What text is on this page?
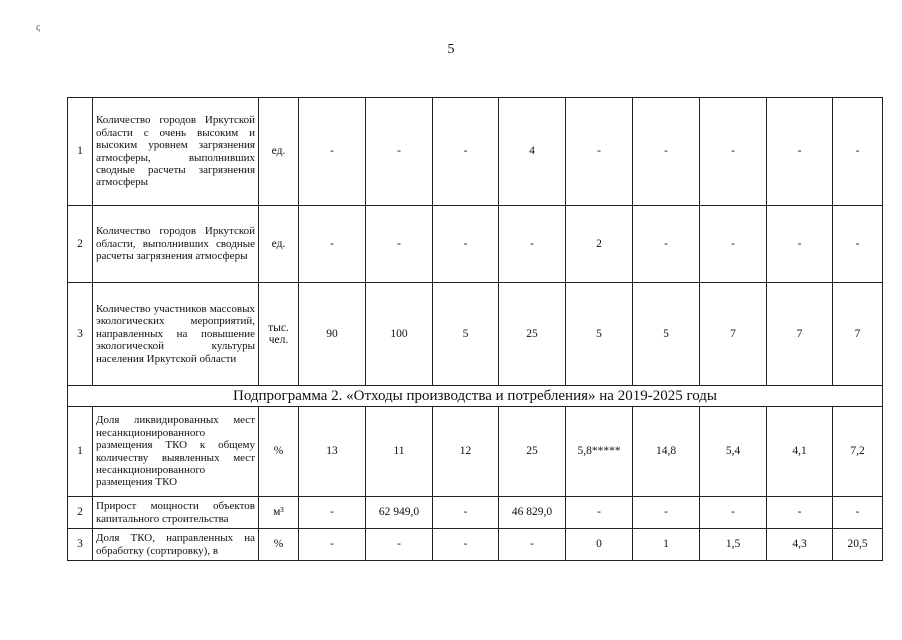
ς
5
1	Количество городов Иркутской области с очень высоким и высоким уровнем загрязнения атмосферы, выполнивших сводные расчеты загрязнения атмосферы	ед.	-	-	-	4	-	-	-	-	-
2	Количество городов Иркутской области, выполнивших сводные расчеты загрязнения атмосферы	ед.	-	-	-	-	2	-	-	-	-
3	Количество участников массовых экологических мероприятий, направленных на повышение экологической культуры населения Иркутской области	тыс. чел.	90	100	5	25	5	5	7	7	7
Подпрограмма 2. «Отходы производства и потребления» на 2019-2025 годы											
1	Доля ликвидированных мест несанкционированного размещения ТКО к общему количеству выявленных мест несанкционированного размещения ТКО	%	13	11	12	25	5,8*****	14,8	5,4	4,1	7,2
2	Прирост мощности объектов капитального строительства	м³	-	62 949,0	-	46 829,0	-	-	-	-	-
3	Доля ТКО, направленных на обработку (сортировку), в	%	-	-	-	-	0	1	1,5	4,3	20,5
